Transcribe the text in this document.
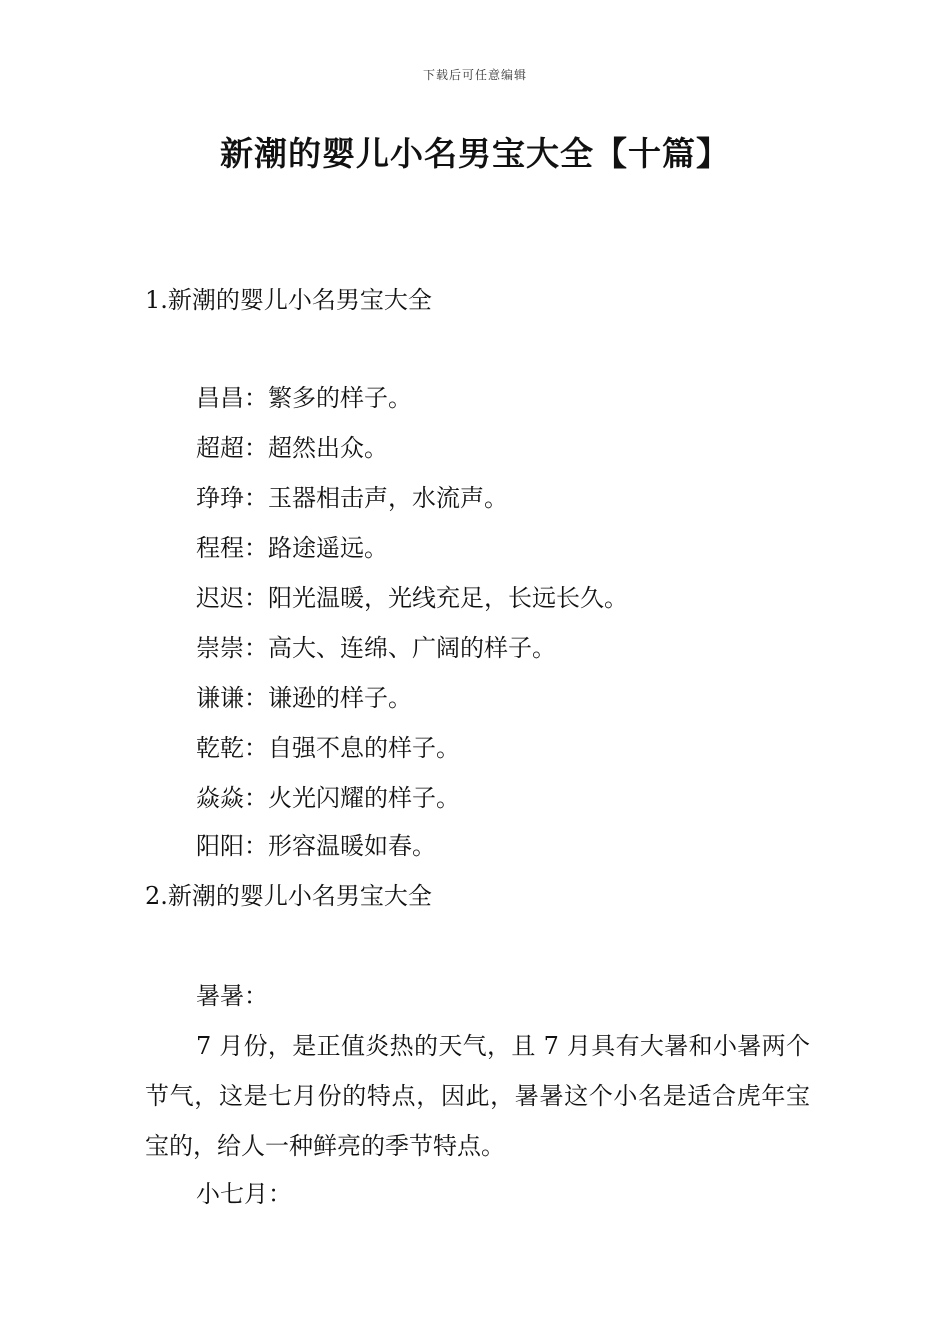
下载后可任意编辑
新潮的婴儿小名男宝大全【十篇】
1.新潮的婴儿小名男宝大全
昌昌：繁多的样子。
超超：超然出众。
琤琤：玉器相击声，水流声。
程程：路途遥远。
迟迟：阳光温暖，光线充足，长远长久。
崇崇：高大、连绵、广阔的样子。
谦谦：谦逊的样子。
乾乾：自强不息的样子。
焱焱：火光闪耀的样子。
阳阳：形容温暖如春。
2.新潮的婴儿小名男宝大全
暑暑：

7 月份，是正值炎热的天气，且 7 月具有大暑和小暑两个节气，这是七月份的特点，因此，暑暑这个小名是适合虎年宝宝的，给人一种鲜亮的季节特点。

小七月：
